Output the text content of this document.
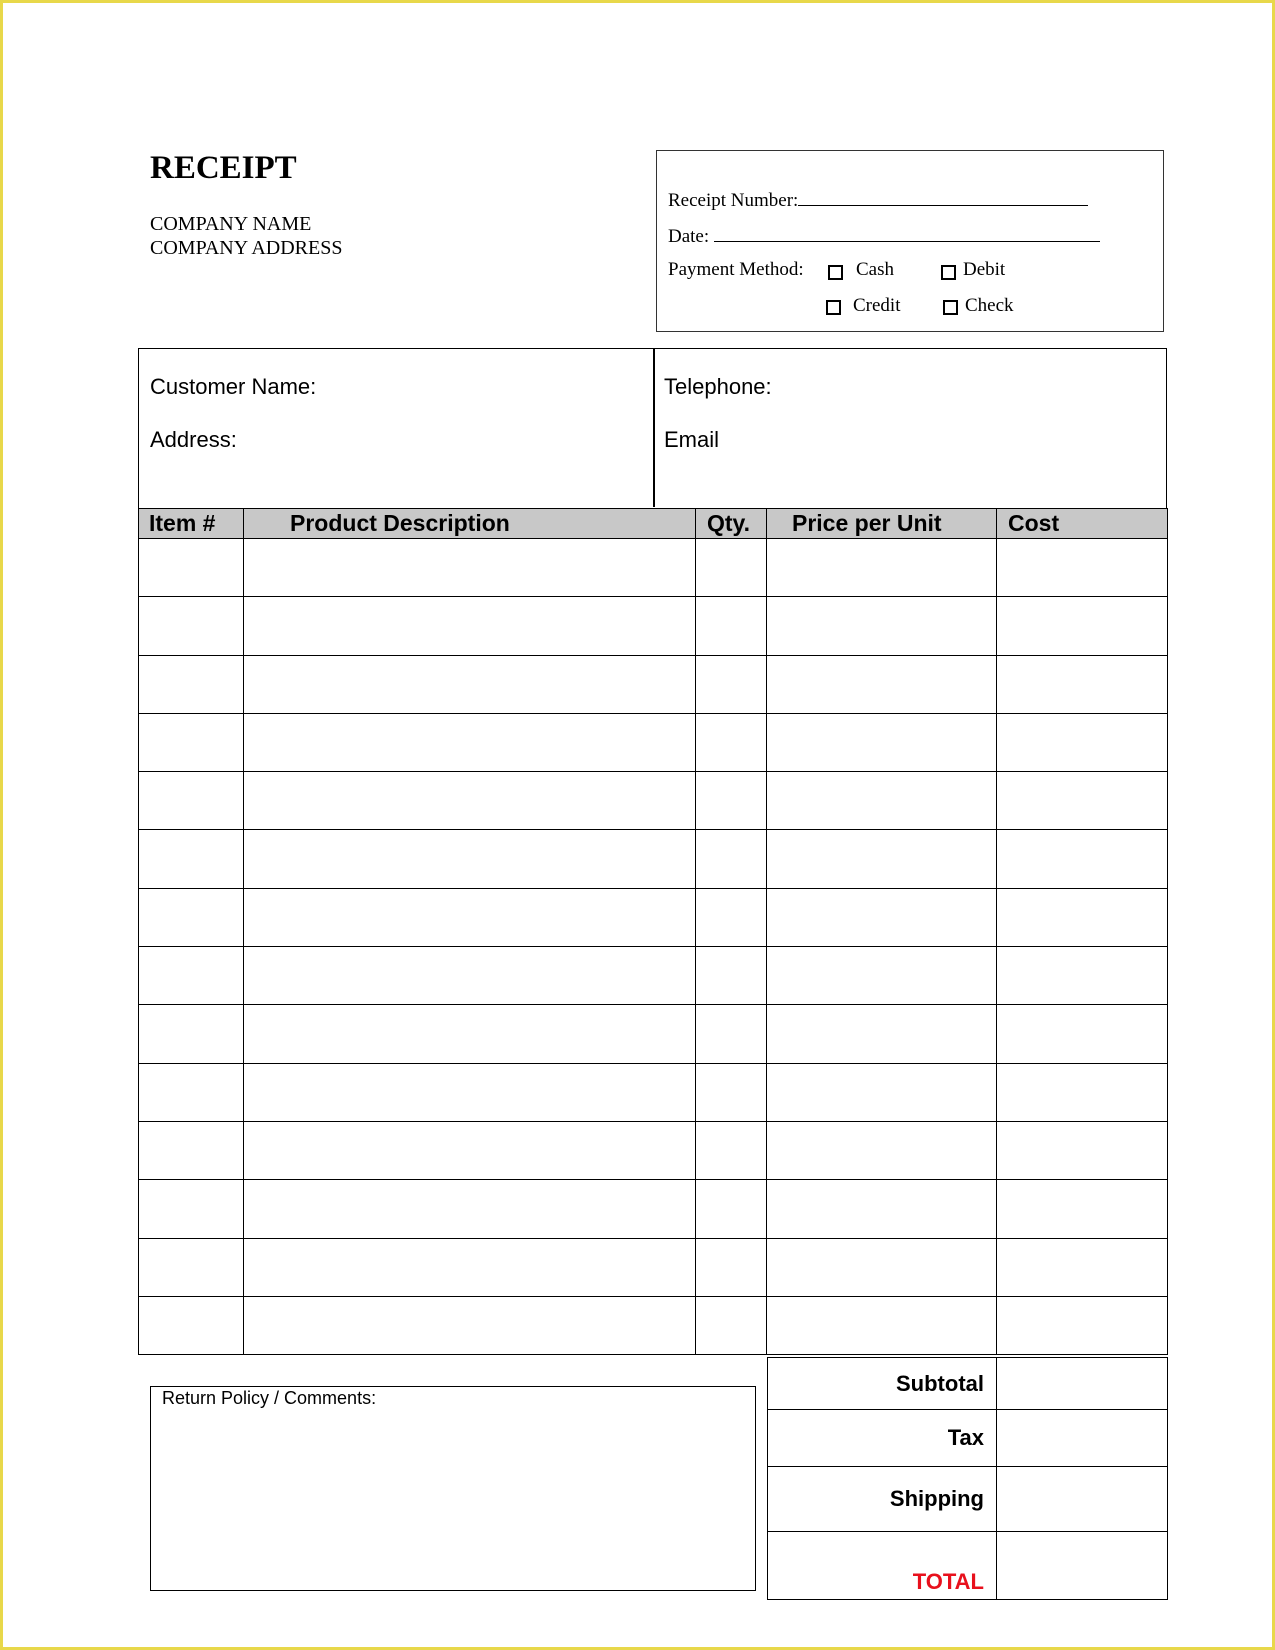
RECEIPT
COMPANY NAME
COMPANY ADDRESS
Receipt Number:
Date:
Payment Method:	Cash	Debit
Credit	Check
Customer Name:
Address:
Telephone:
Email
Item #	Product Description	Qty.	Price per Unit	Cost

Return Policy / Comments:
Subtotal	
Tax	
Shipping	
TOTAL	
